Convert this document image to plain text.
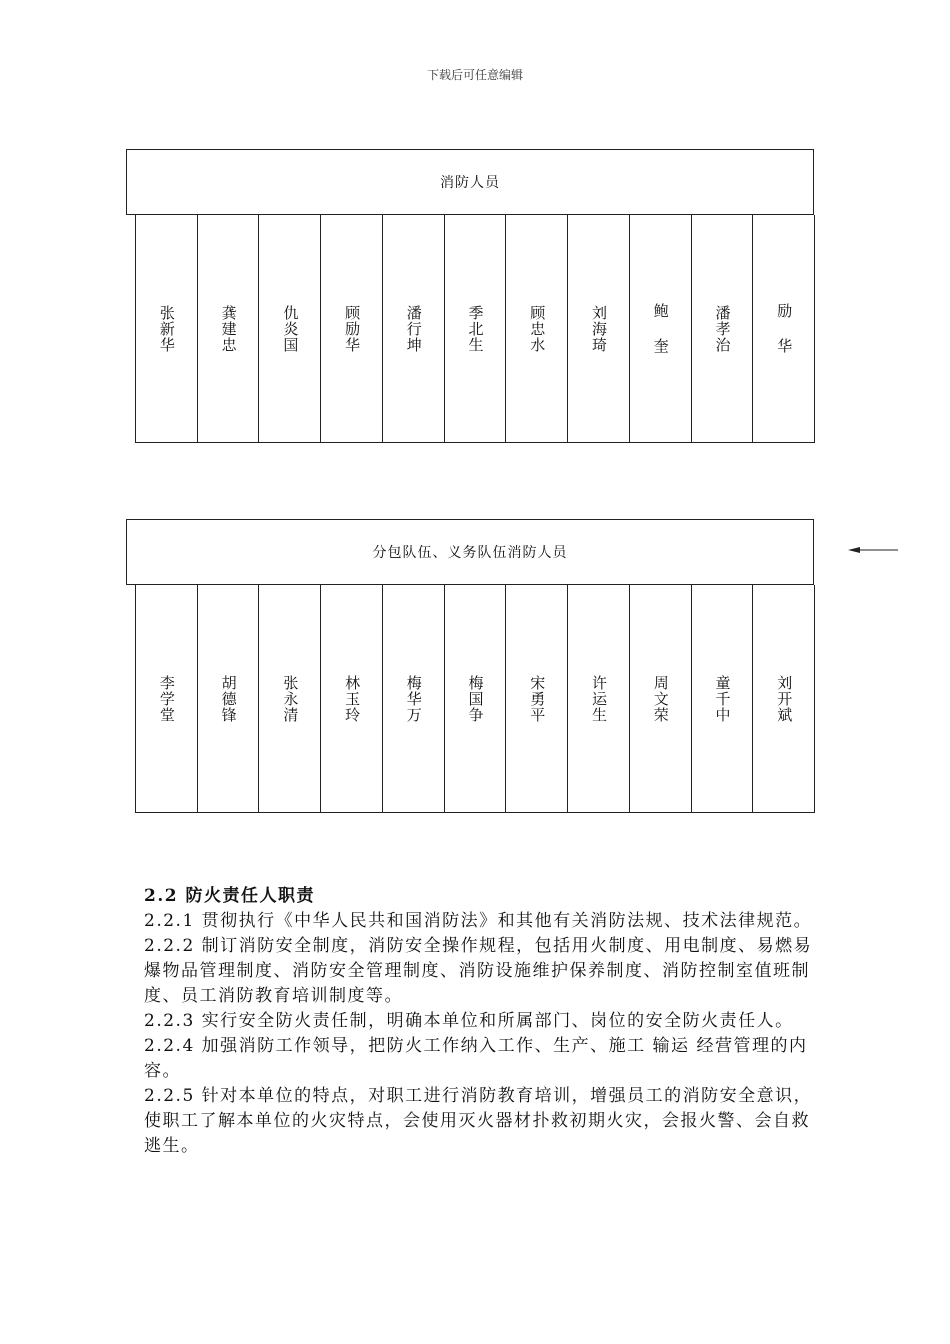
下载后可任意编辑
消防人员
张新华	龚建忠	仇炎国	顾励华	潘行坤	季北生	顾忠水	刘海琦	鲍 奎	潘孝治	励 华
分包队伍、义务队伍消防人员
李学堂	胡德锋	张永清	林玉玲	梅华万	梅国争	宋勇平	许运生	周文荣	童千中	刘开斌

2.2 防火责任人职责

2.2.1 贯彻执行《中华人民共和国消防法》和其他有关消防法规、技术法律规范。

2.2.2 制订消防安全制度，消防安全操作规程，包括用火制度、用电制度、易燃易爆物品管理制度、消防安全管理制度、消防设施维护保养制度、消防控制室值班制度、员工消防教育培训制度等。

2.2.3 实行安全防火责任制，明确本单位和所属部门、岗位的安全防火责任人。

2.2.4 加强消防工作领导，把防火工作纳入工作、生产、施工 输运 经营管理的内容。

2.2.5 针对本单位的特点，对职工进行消防教育培训，增强员工的消防安全意识，使职工了解本单位的火灾特点，会使用灭火器材扑救初期火灾，会报火警、会自救逃生。
